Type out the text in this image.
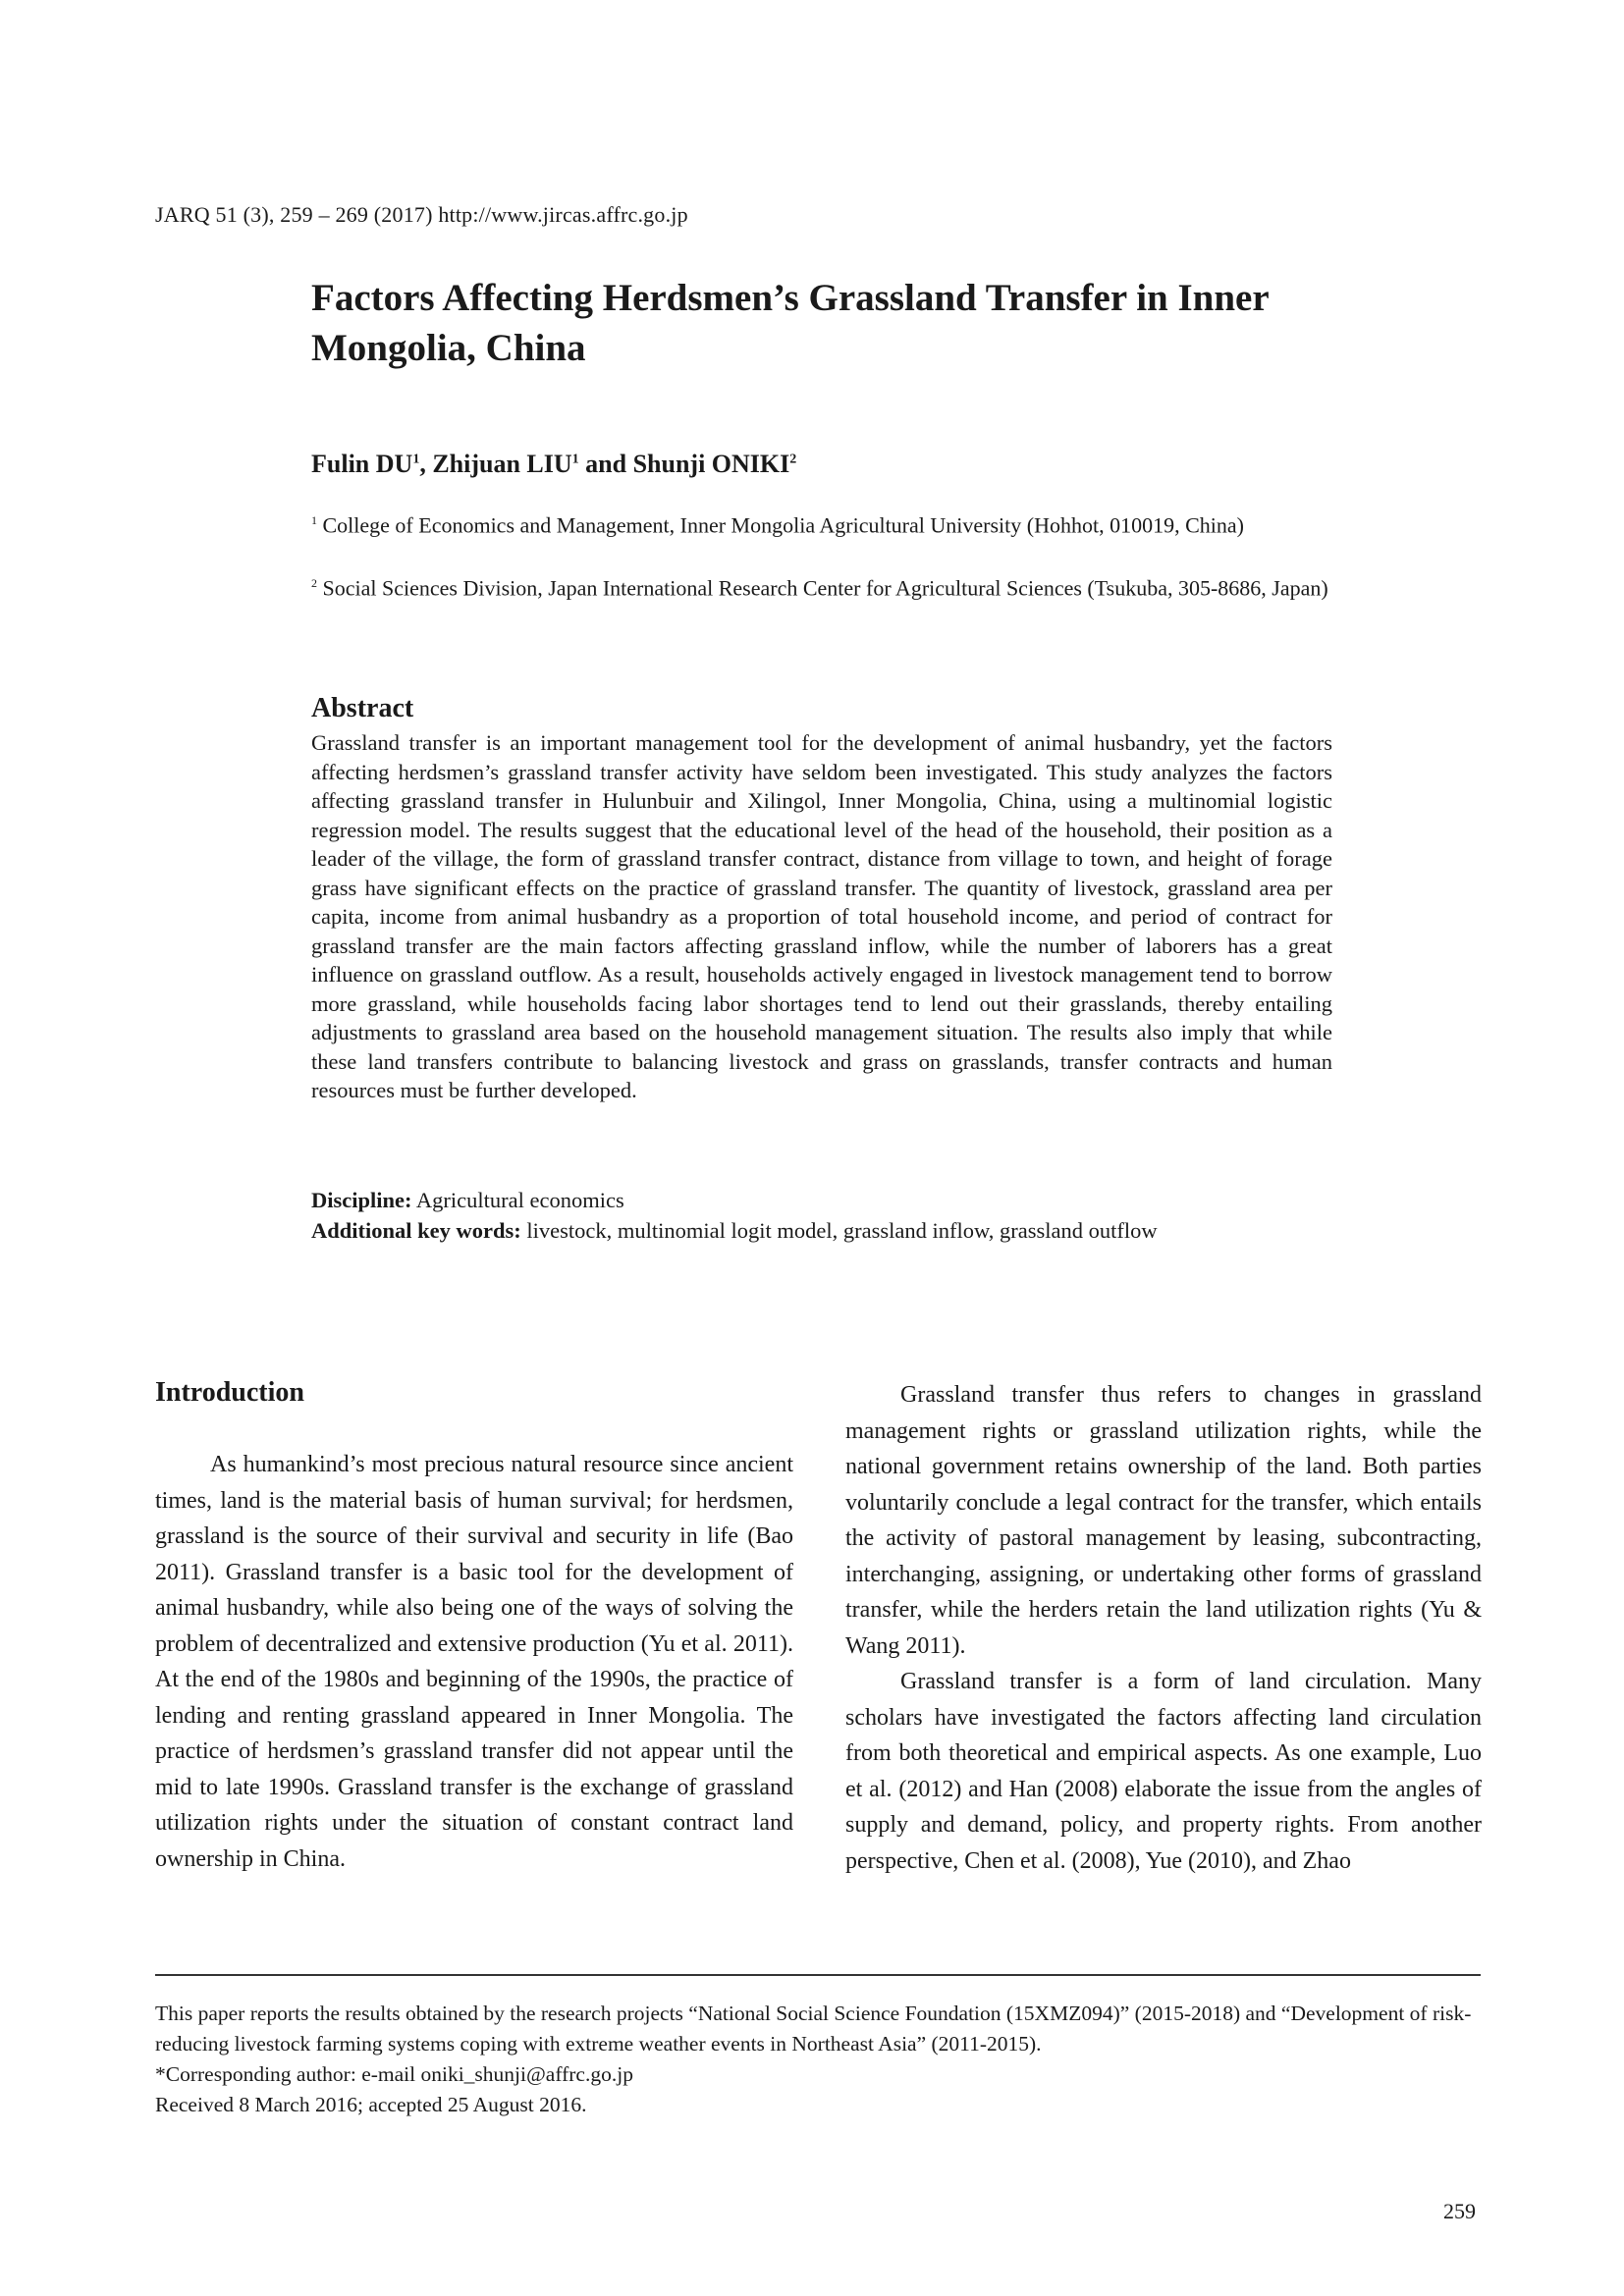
JARQ 51 (3), 259 – 269 (2017) http://www.jircas.affrc.go.jp
Factors Affecting Herdsmen’s Grassland Transfer in Inner Mongolia, China
Fulin $DU^1$, Zhijuan LIU$^1$ and Shunji ONIKI$^2$
$^1$ College of Economics and Management, Inner Mongolia Agricultural University (Hohhot, 010019, China)
$^2$ Social Sciences Division, Japan International Research Center for Agricultural Sciences (Tsukuba, 305-8686, Japan)
Abstract
Grassland transfer is an important management tool for the development of animal husbandry, yet the factors affecting herdsmen’s grassland transfer activity have seldom been investigated. This study analyzes the factors affecting grassland transfer in Hulunbuir and Xilingol, Inner Mongolia, China, using a multinomial logistic regression model. The results suggest that the educational level of the head of the household, their position as a leader of the village, the form of grassland transfer contract, distance from village to town, and height of forage grass have significant effects on the practice of grassland transfer. The quantity of livestock, grassland area per capita, income from animal husbandry as a proportion of total household income, and period of contract for grassland transfer are the main factors affecting grassland inflow, while the number of laborers has a great influence on grassland outflow. As a result, households actively engaged in livestock management tend to borrow more grassland, while households facing labor shortages tend to lend out their grasslands, thereby entailing adjustments to grassland area based on the household management situation. The results also imply that while these land transfers contribute to balancing livestock and grass on grasslands, transfer contracts and human resources must be further developed.
Discipline: Agricultural economics
Additional key words: livestock, multinomial logit model, grassland inflow, grassland outflow
Introduction

As humankind’s most precious natural resource since ancient times, land is the material basis of human survival; for herdsmen, grassland is the source of their survival and security in life (Bao 2011). Grassland transfer is a basic tool for the development of animal husbandry, while also being one of the ways of solving the problem of decentralized and extensive production (Yu et al. 2011). At the end of the 1980s and beginning of the 1990s, the practice of lending and renting grassland appeared in Inner Mongolia. The practice of herdsmen’s grassland transfer did not appear until the mid to late 1990s. Grassland transfer is the exchange of grassland utilization rights under the situation of constant contract land ownership in China.

Grassland transfer thus refers to changes in grassland management rights or grassland utilization rights, while the national government retains ownership of the land. Both parties voluntarily conclude a legal contract for the transfer, which entails the activity of pastoral management by leasing, subcontracting, interchanging, assigning, or undertaking other forms of grassland transfer, while the herders retain the land utilization rights (Yu & Wang 2011).

Grassland transfer is a form of land circulation. Many scholars have investigated the factors affecting land circulation from both theoretical and empirical aspects. As one example, Luo et al. (2012) and Han (2008) elaborate the issue from the angles of supply and demand, policy, and property rights. From another perspective, Chen et al. (2008), Yue (2010), and Zhao

This paper reports the results obtained by the research projects “National Social Science Foundation (15XMZ094)” (2015-2018) and “Development of risk-reducing livestock farming systems coping with extreme weather events in Northeast Asia” (2011-2015).
*Corresponding author: e-mail oniki_shunji@affrc.go.jp
Received 8 March 2016; accepted 25 August 2016.
259
